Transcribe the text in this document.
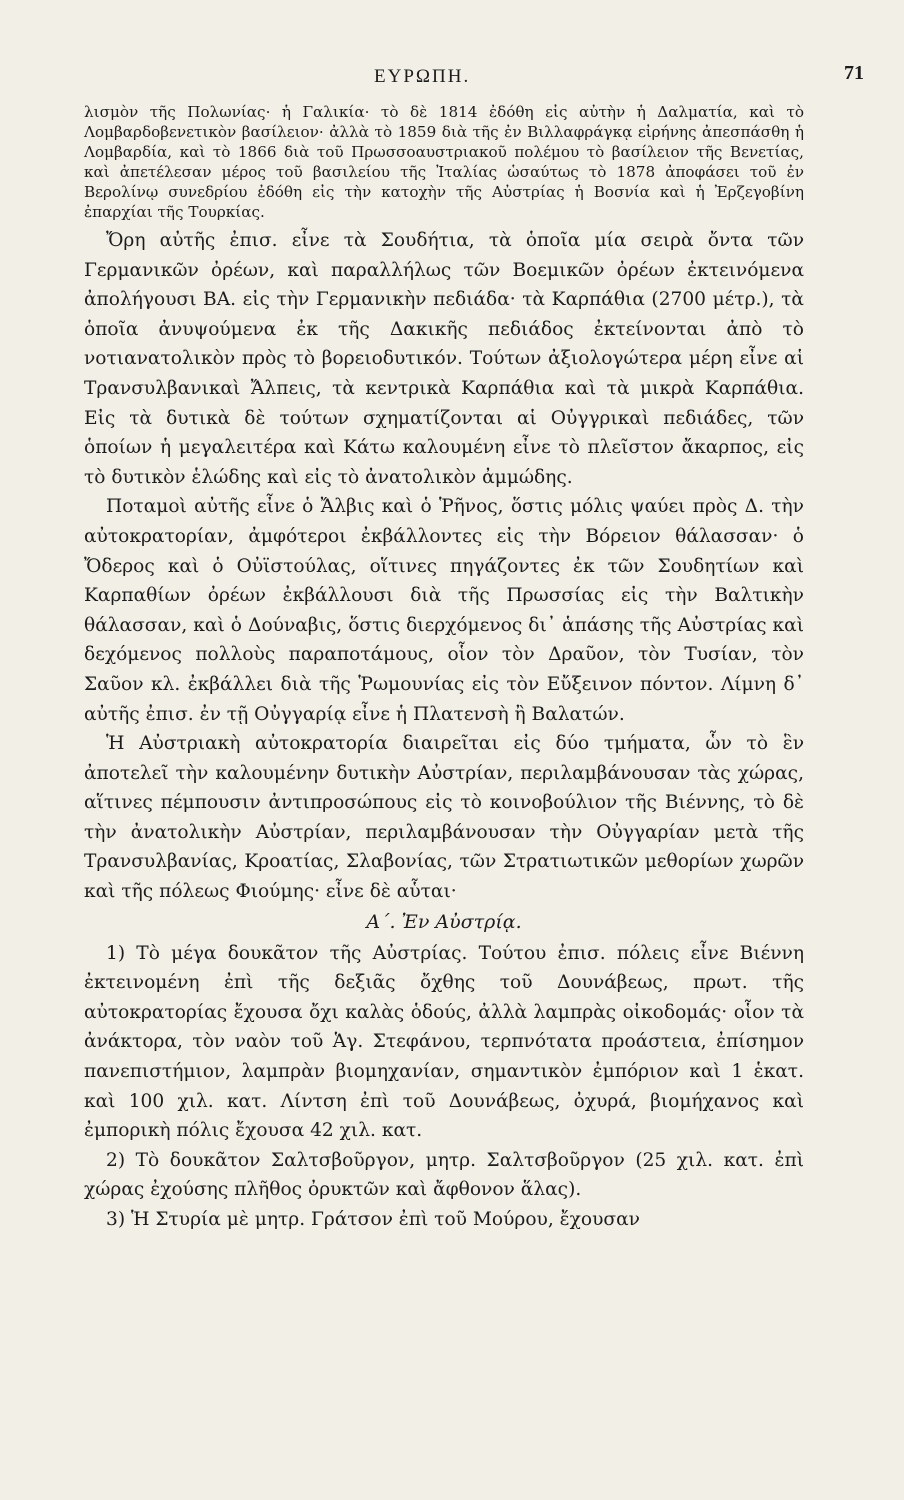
ΕΥΡΩΠΗ.	71

λισμὸν τῆς Πολωνίας· ἡ Γαλικία· τὸ δὲ 1814 ἐδόθη εἰς αὐτὴν ἡ Δαλματία, καὶ τὸ Λομβαρδοβενετικὸν βασίλειον· ἀλλὰ τὸ 1859 διὰ τῆς ἐν Βιλλαφράγκᾳ εἰρήνης ἀπεσπάσθη ἡ Λομβαρδία, καὶ τὸ 1866 διὰ τοῦ Πρωσσοαυστριακοῦ πολέμου τὸ βασίλειον τῆς Βενετίας, καὶ ἀπετέλεσαν μέρος τοῦ βασιλείου τῆς Ἰταλίας ὡσαύτως τὸ 1878 ἀποφάσει τοῦ ἐν Βερολίνῳ συνεδρίου ἐδόθη εἰς τὴν κατοχὴν τῆς Αὐστρίας ἡ Βοσνία καὶ ἡ Ἐρζεγοβίνη ἐπαρχίαι τῆς Τουρκίας.

Ὄρη αὐτῆς ἐπισ. εἶνε τὰ Σουδήτια, τὰ ὁποῖα μία σειρὰ ὄντα τῶν Γερμανικῶν ὀρέων, καὶ παραλλήλως τῶν Βοεμικῶν ὀρέων ἐκτεινόμενα ἀπολήγουσι ΒΑ. εἰς τὴν Γερμανικὴν πεδιάδα· τὰ Καρπάθια (2700 μέτρ.), τὰ ὁποῖα ἀνυψούμενα ἐκ τῆς Δακικῆς πεδιάδος ἐκτείνονται ἀπὸ τὸ νοτιανατολικὸν πρὸς τὸ βορειοδυτικόν. Τούτων ἀξιολογώτερα μέρη εἶνε αἱ Τρανσυλβανικαὶ Ἄλπεις, τὰ κεντρικὰ Καρπάθια καὶ τὰ μικρὰ Καρπάθια. Εἰς τὰ δυτικὰ δὲ τούτων σχηματίζονται αἱ Οὐγγρικαὶ πεδιάδες, τῶν ὁποίων ἡ μεγαλειτέρα καὶ Κάτω καλουμένη εἶνε τὸ πλεῖστον ἄκαρπος, εἰς τὸ δυτικὸν ἑλώδης καὶ εἰς τὸ ἀνατολικὸν ἀμμώδης.

Ποταμοὶ αὐτῆς εἶνε ὁ Ἄλβις καὶ ὁ Ῥῆνος, ὅστις μόλις ψαύει πρὸς Δ. τὴν αὐτοκρατορίαν, ἀμφότεροι ἐκβάλλοντες εἰς τὴν Βόρειον θάλασσαν· ὁ Ὄδερος καὶ ὁ Οὐϊστούλας, οἵτινες πηγάζοντες ἐκ τῶν Σουδητίων καὶ Καρπαθίων ὀρέων ἐκβάλλουσι διὰ τῆς Πρωσσίας εἰς τὴν Βαλτικὴν θάλασσαν, καὶ ὁ Δούναβις, ὅστις διερχόμενος δι᾿ ἁπάσης τῆς Αὐστρίας καὶ δεχόμενος πολλοὺς παραποτάμους, οἷον τὸν Δραῦον, τὸν Τυσίαν, τὸν Σαῦον κλ. ἐκβάλλει διὰ τῆς Ῥωμουνίας εἰς τὸν Εὔξεινον πόντον. Λίμνη δ᾿ αὐτῆς ἐπισ. ἐν τῇ Οὐγγαρίᾳ εἶνε ἡ Πλατενσὴ ἢ Βαλατών.

Ἡ Αὐστριακὴ αὐτοκρατορία διαιρεῖται εἰς δύο τμήματα, ὧν τὸ ἓν ἀποτελεῖ τὴν καλουμένην δυτικὴν Αὐστρίαν, περιλαμβάνουσαν τὰς χώρας, αἵτινες πέμπουσιν ἀντιπροσώπους εἰς τὸ κοινοβούλιον τῆς Βιέννης, τὸ δὲ τὴν ἀνατολικὴν Αὐστρίαν, περιλαμβάνουσαν τὴν Οὐγγαρίαν μετὰ τῆς Τρανσυλβανίας, Κροατίας, Σλαβονίας, τῶν Στρατιωτικῶν μεθορίων χωρῶν καὶ τῆς πόλεως Φιούμης· εἶνε δὲ αὗται·

Α΄. Ἐν Αὐστρίᾳ.

1) Τὸ μέγα δουκᾶτον τῆς Αὐστρίας. Τούτου ἐπισ. πόλεις εἶνε Βιέννη ἐκτεινομένη ἐπὶ τῆς δεξιᾶς ὄχθης τοῦ Δουνάβεως, πρωτ. τῆς αὐτοκρατορίας ἔχουσα ὄχι καλὰς ὁδούς, ἀλλὰ λαμπρὰς οἰκοδομάς· οἷον τὰ ἀνάκτορα, τὸν ναὸν τοῦ Ἁγ. Στεφάνου, τερπνότατα προάστεια, ἐπίσημον πανεπιστήμιον, λαμπρὰν βιομηχανίαν, σημαντικὸν ἐμπόριον καὶ 1 ἑκατ. καὶ 100 χιλ. κατ. Λίντση ἐπὶ τοῦ Δουνάβεως, ὀχυρά, βιομήχανος καὶ ἐμπορικὴ πόλις ἔχουσα 42 χιλ. κατ.

2) Τὸ δουκᾶτον Σαλτσβοῦργον, μητρ. Σαλτσβοῦργον (25 χιλ. κατ. ἐπὶ χώρας ἐχούσης πλῆθος ὀρυκτῶν καὶ ἄφθονον ἅλας).

3) Ἡ Στυρία μὲ μητρ. Γράτσον ἐπὶ τοῦ Μούρου, ἔχουσαν
